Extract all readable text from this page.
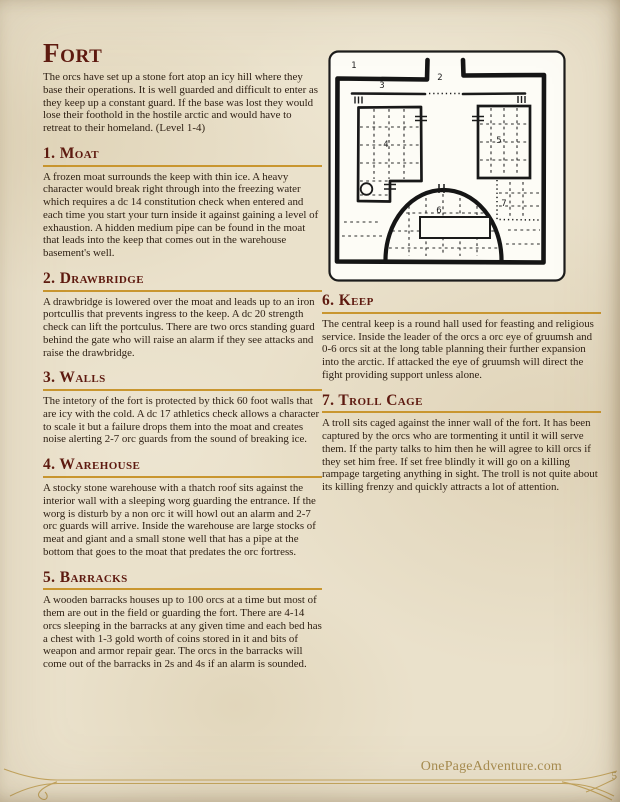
Fort

The orcs have set up a stone fort atop an icy hill where they base their operations. It is well guarded and difficult to enter as they keep up a constant guard. If the base was lost they would lose their foothold in the hostile arctic and would have to retreat to their homeland. (Level 1-4)

1. Moat

A frozen moat surrounds the keep with thin ice. A heavy character would break right through into the freezing water which requires a dc 14 constitution check when entered and each time you start your turn inside it against gaining a level of exhaustion. A hidden medium pipe can be found in the moat that leads into the keep that comes out in the warehouse basement's well.

2. Drawbridge

A drawbridge is lowered over the moat and leads up to an iron portcullis that prevents ingress to the keep. A dc 20 strength check can lift the portculus. There are two orcs standing guard behind the gate who will raise an alarm if they see attacks and raise the drawbridge.

3. Walls

The intetory of the fort is protected by thick 60 foot walls that are icy with the cold. A dc 17 athletics check allows a character to scale it but a failure drops them into the moat and creates noise alerting 2-7 orc guards from the sound of breaking ice.

4. Warehouse

A stocky stone warehouse with a thatch roof sits against the interior wall with a sleeping worg guarding the entrance. If the worg is disturb by a non orc it will howl out an alarm and 2-7 orc guards will arrive. Inside the warehouse are large stocks of meat and giant and a small stone well that has a pipe at the bottom that goes to the moat that predates the orc fortress.

5. Barracks

A wooden barracks houses up to 100 orcs at a time but most of them are out in the field or guarding the fort. There are 4-14 orcs sleeping in the barracks at any given time and each bed has a chest with 1-3 gold worth of coins stored in it and bits of weapon and armor repair gear. The orcs in the barracks will come out of the barracks in 2s and 4s if an alarm is sounded.

1
2
3
4	5
6
7
6. Keep

The central keep is a round hall used for feasting and religious service. Inside the leader of the orcs a orc eye of gruumsh and 0-6 orcs sit at the long table planning their further expansion into the arctic. If attacked the eye of gruumsh will direct the fight providing support unless alone.

7. Troll Cage

A troll sits caged against the inner wall of the fort. It has been captured by the orcs who are tormenting it until it will serve them. If the party talks to him then he will agree to kill orcs if they set him free. If set free blindly it will go on a killing rampage targeting anything in sight. The troll is not quite about its killing frenzy and quickly attracts a lot of attention.

OnePageAdventure.com
5
